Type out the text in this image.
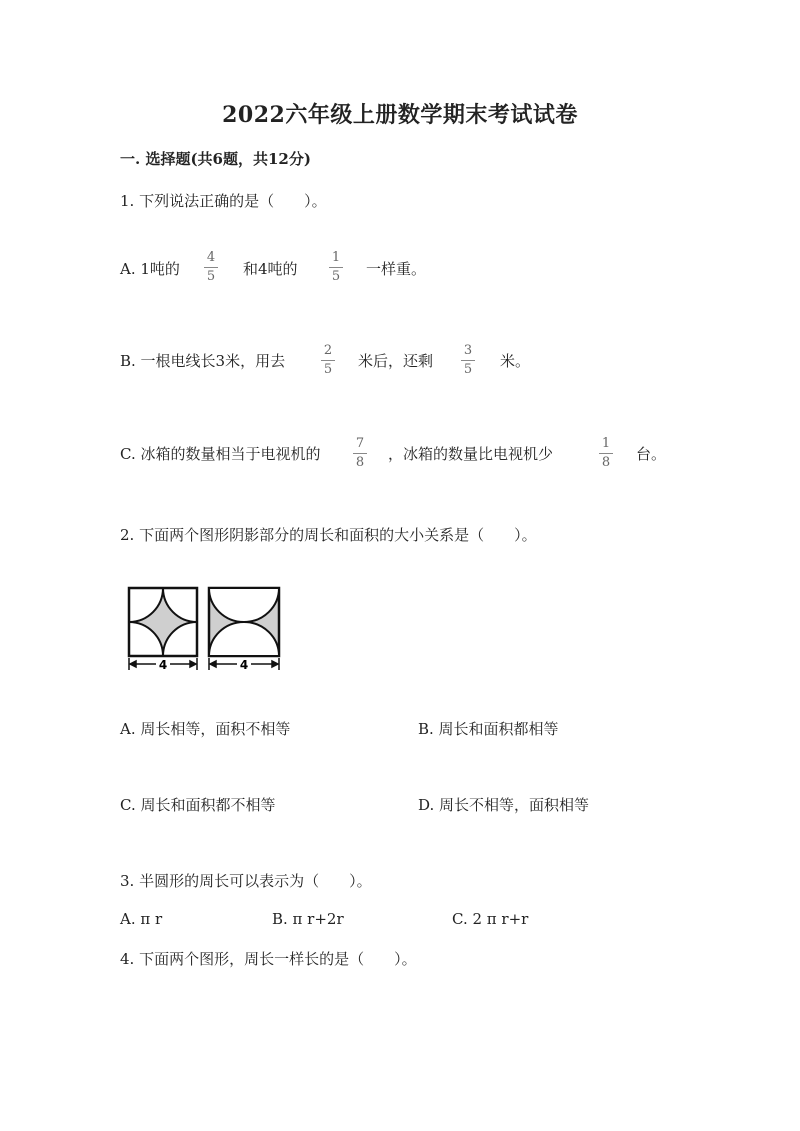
2022六年级上册数学期末考试试卷
一. 选择题(共6题，共12分)
1. 下列说法正确的是（　　）。
A. 1吨的
4
5	和4吨的
1
5	一样重。
B. 一根电线长3米，用去
2
5	米后，还剩
3
5	米。
C. 冰箱的数量相当于电视机的
7
8	，冰箱的数量比电视机少
1
8	台。
2. 下面两个图形阴影部分的周长和面积的大小关系是（　　）。
4	4
A. 周长相等，面积不相等	B. 周长和面积都相等
C. 周长和面积都不相等	D. 周长不相等，面积相等
3. 半圆形的周长可以表示为（　　）。
A. π r	B. π r+2r	C. 2 π r+r
4. 下面两个图形，周长一样长的是（　　）。
